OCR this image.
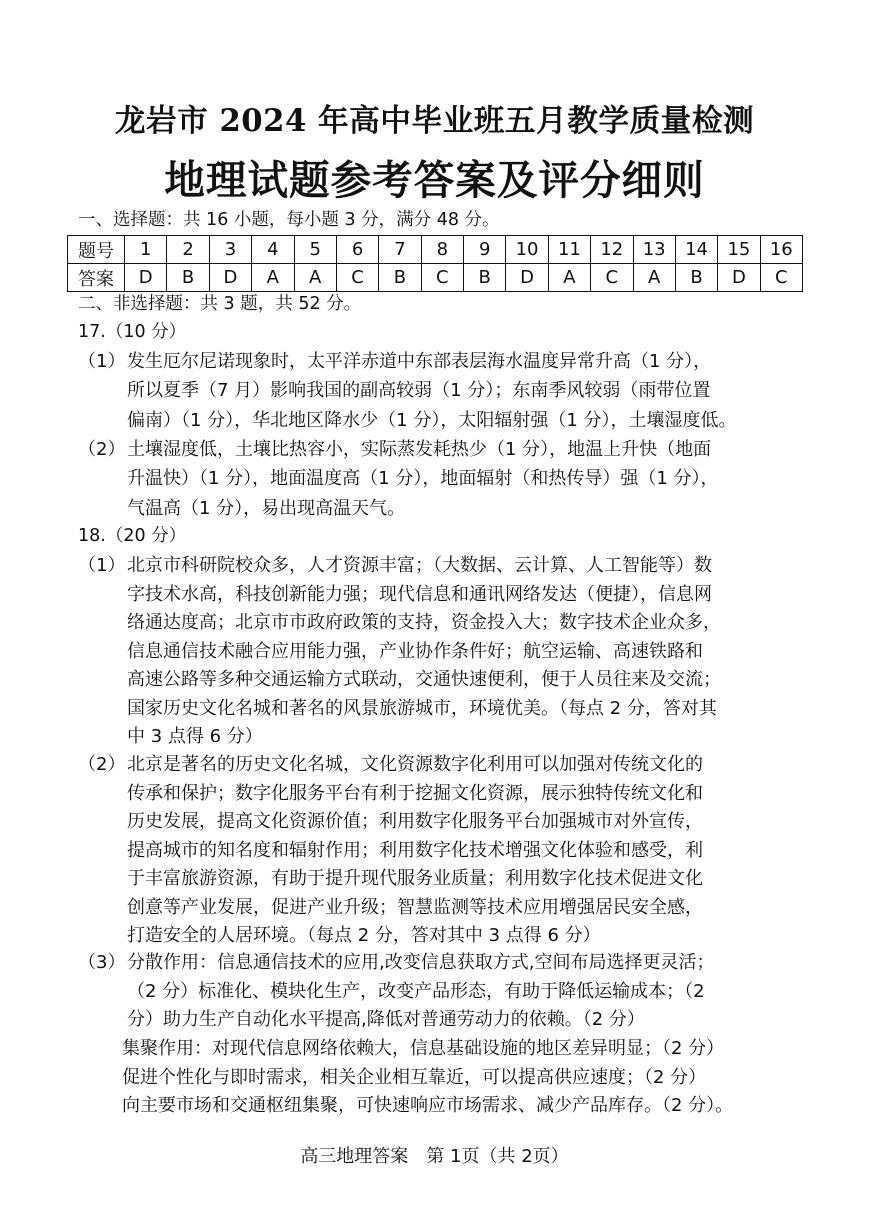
龙岩市 2024 年高中毕业班五月教学质量检测
地理试题参考答案及评分细则
一、选择题：共 16 小题，每小题 3 分，满分 48 分。
题号	1	2	3	4	5	6	7	8	9	10	11	12	13	14	15	16
答案	D	B	D	A	A	C	B	C	B	D	A	C	A	B	D	C
二、非选择题：共 3 题，共 52 分。
17.（10 分）
（1） 发生厄尔尼诺现象时，太平洋赤道中东部表层海水温度异常升高（1 分），
所以夏季（7 月）影响我国的副高较弱（1 分）；东南季风较弱（雨带位置
偏南）（1 分），华北地区降水少（1 分），太阳辐射强（1 分），土壤湿度低。
（2） 土壤湿度低，土壤比热容小，实际蒸发耗热少（1 分），地温上升快（地面
升温快）（1 分），地面温度高（1 分），地面辐射（和热传导）强（1 分），
气温高（1 分），易出现高温天气。
18.（20 分）
（1） 北京市科研院校众多，人才资源丰富；（大数据、云计算、人工智能等）数
字技术水高，科技创新能力强；现代信息和通讯网络发达（便捷），信息网
络通达度高；北京市市政府政策的支持，资金投入大；数字技术企业众多，
信息通信技术融合应用能力强，产业协作条件好；航空运输、高速铁路和
高速公路等多种交通运输方式联动，交通快速便利，便于人员往来及交流；
国家历史文化名城和著名的风景旅游城市，环境优美。（每点 2 分，答对其
中 3 点得 6 分）
（2） 北京是著名的历史文化名城，文化资源数字化利用可以加强对传统文化的
传承和保护；数字化服务平台有利于挖掘文化资源，展示独特传统文化和
历史发展，提高文化资源价值；利用数字化服务平台加强城市对外宣传，
提高城市的知名度和辐射作用；利用数字化技术增强文化体验和感受，利
于丰富旅游资源，有助于提升现代服务业质量；利用数字化技术促进文化
创意等产业发展，促进产业升级；智慧监测等技术应用增强居民安全感，
打造安全的人居环境。（每点 2 分，答对其中 3 点得 6 分）
（3） 分散作用：信息通信技术的应用,改变信息获取方式,空间布局选择更灵活；
（2 分）标准化、模块化生产，改变产品形态，有助于降低运输成本；（2
分）助力生产自动化水平提高,降低对普通劳动力的依赖。（2 分）
集聚作用：对现代信息网络依赖大，信息基础设施的地区差异明显；（2 分）
促进个性化与即时需求，相关企业相互靠近，可以提高供应速度；（2 分）
向主要市场和交通枢纽集聚，可快速响应市场需求、减少产品库存。（2 分）。
高三地理答案　第 1页（共 2页）
